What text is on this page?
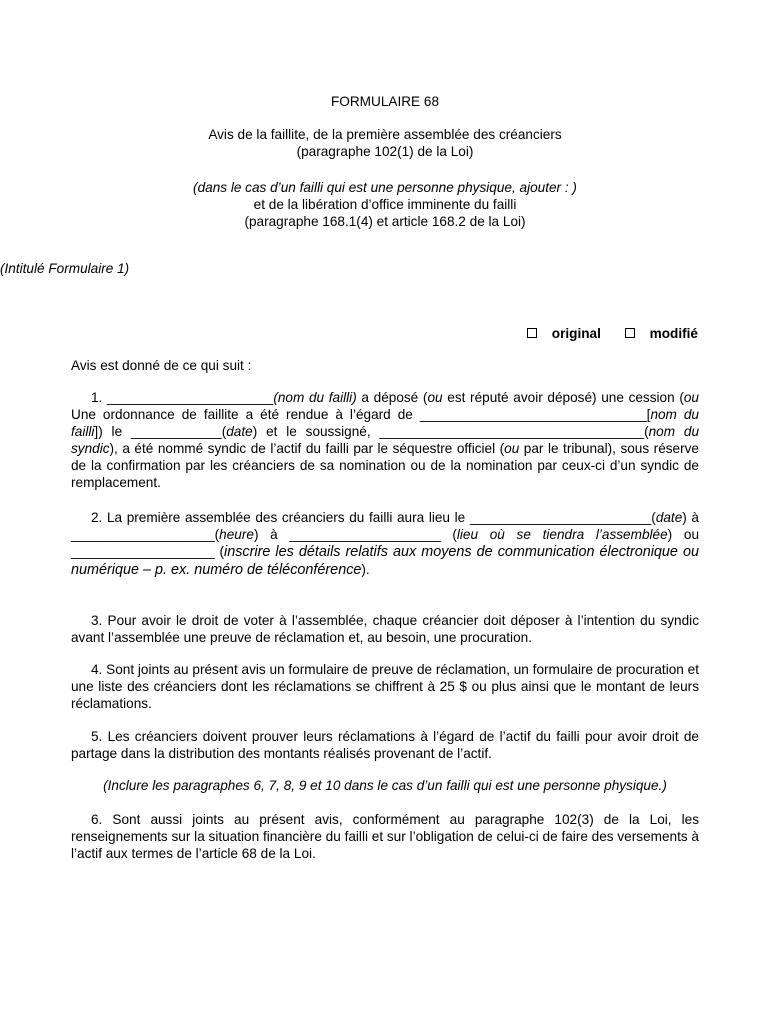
FORMULAIRE 68
Avis de la faillite, de la première assemblée des créanciers
(paragraphe 102(1) de la Loi)
(dans le cas d’un failli qui est une personne physique, ajouter : )
et de la libération d’office imminente du failli
(paragraphe 168.1(4) et article 168.2 de la Loi)
(Intitulé Formulaire 1)
original	modifié
Avis est donné de ce qui suit :

1. ______________________(nom du failli) a déposé (ou est réputé avoir déposé) une cession (ou Une ordonnance de faillite a été rendue à l’égard de ______________________________[nom du failli]) le ____________(date) et le soussigné, ___________________________________(nom du syndic), a été nommé syndic de l’actif du failli par le séquestre officiel (ou par le tribunal), sous réserve de la confirmation par les créanciers de sa nomination ou de la nomination par ceux-ci d’un syndic de remplacement.

2. La première assemblée des créanciers du failli aura lieu le ________________________(date) à ___________________(heure) à ____________________ (lieu où se tiendra l’assemblée) ou ___________________ (inscrire les détails relatifs aux moyens de communication électronique ou numérique – p. ex. numéro de téléconférence).

3. Pour avoir le droit de voter à l’assemblée, chaque créancier doit déposer à l’intention du syndic avant l’assemblée une preuve de réclamation et, au besoin, une procuration.

4. Sont joints au présent avis un formulaire de preuve de réclamation, un formulaire de procuration et une liste des créanciers dont les réclamations se chiffrent à 25 $ ou plus ainsi que le montant de leurs réclamations.

5. Les créanciers doivent prouver leurs réclamations à l’égard de l’actif du failli pour avoir droit de partage dans la distribution des montants réalisés provenant de l’actif.

(Inclure les paragraphes 6, 7, 8, 9 et 10 dans le cas d’un failli qui est une personne physique.)

6. Sont aussi joints au présent avis, conformément au paragraphe 102(3) de la Loi, les renseignements sur la situation financière du failli et sur l’obligation de celui-ci de faire des versements à l’actif aux termes de l’article 68 de la Loi.
